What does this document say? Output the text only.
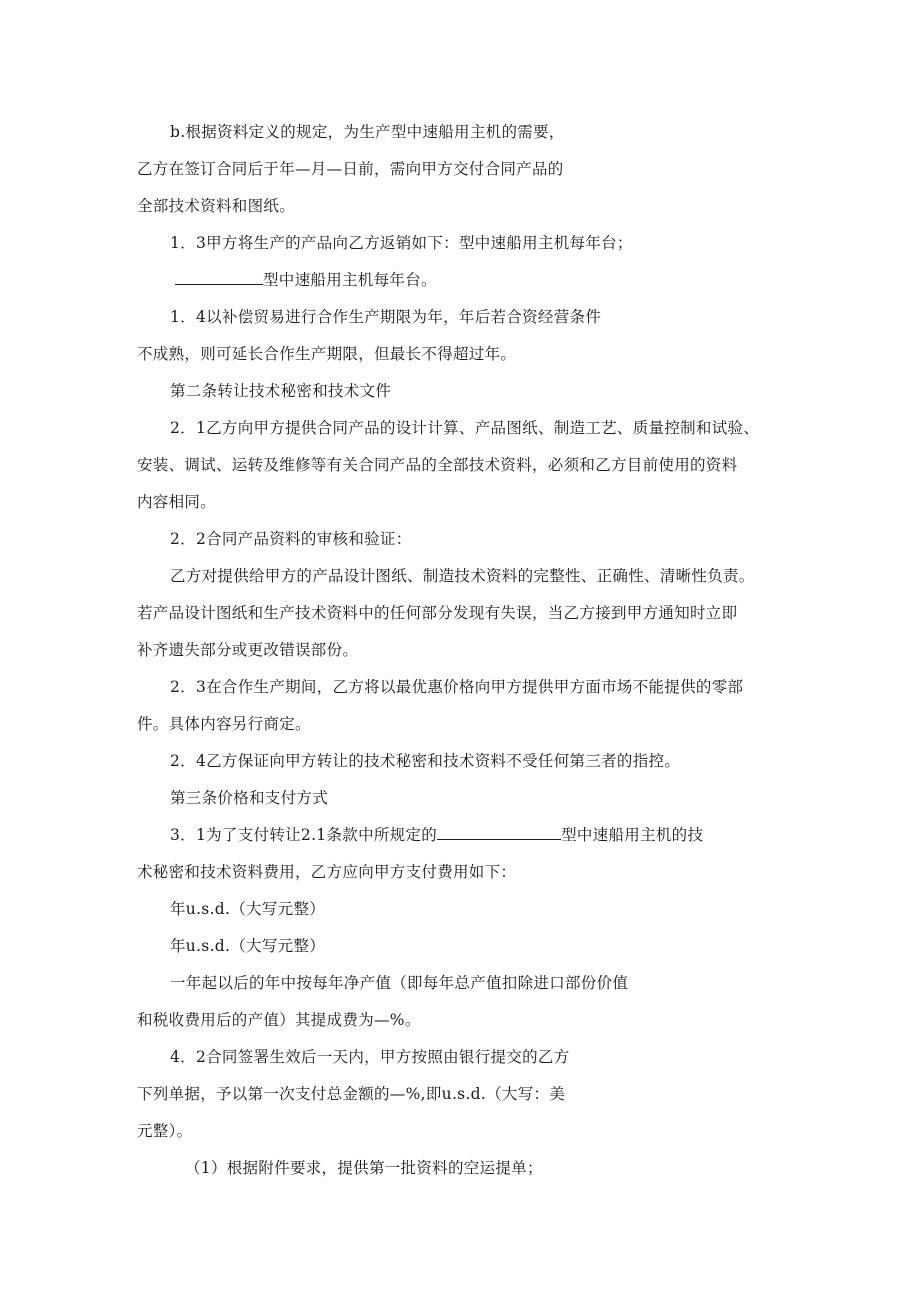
b.根据资料定义的规定，为生产型中速船用主机的需要，
乙方在签订合同后于年—月—日前，需向甲方交付合同产品的
全部技术资料和图纸。
1．3甲方将生产的产品向乙方返销如下：型中速船用主机每年台；
型中速船用主机每年台。
1．4以补偿贸易进行合作生产期限为年，年后若合资经营条件
不成熟，则可延长合作生产期限，但最长不得超过年。
第二条转让技术秘密和技术文件
2．1乙方向甲方提供合同产品的设计计算、产品图纸、制造工艺、质量控制和试验、
安装、调试、运转及维修等有关合同产品的全部技术资料，必须和乙方目前使用的资料
内容相同。
2．2合同产品资料的审核和验证：
乙方对提供给甲方的产品设计图纸、制造技术资料的完整性、正确性、清晰性负责。
若产品设计图纸和生产技术资料中的任何部分发现有失误，当乙方接到甲方通知时立即
补齐遗失部分或更改错误部份。
2．3在合作生产期间，乙方将以最优惠价格向甲方提供甲方面市场不能提供的零部
件。具体内容另行商定。
2．4乙方保证向甲方转让的技术秘密和技术资料不受任何第三者的指控。
第三条价格和支付方式
3．1为了支付转让2.1条款中所规定的	型中速船用主机的技
术秘密和技术资料费用，乙方应向甲方支付费用如下：
年u.s.d.（大写元整）
年u.s.d.（大写元整）
一年起以后的年中按每年净产值（即每年总产值扣除进口部份价值
和税收费用后的产值）其提成费为—%。
4．2合同签署生效后一天内，甲方按照由银行提交的乙方
下列单据，予以第一次支付总金额的—%,即u.s.d.（大写：美
元整）。
（1）根据附件要求，提供第一批资料的空运提单；
